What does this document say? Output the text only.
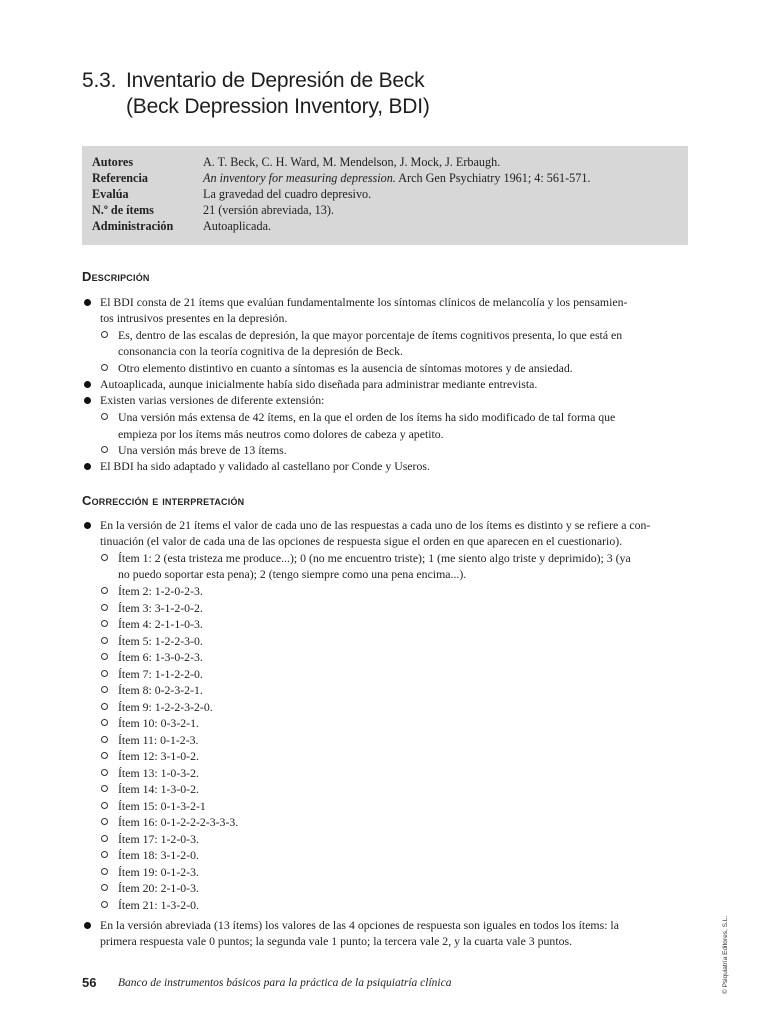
5.3. Inventario de Depresión de Beck
(Beck Depression Inventory, BDI)
Autores	A. T. Beck, C. H. Ward, M. Mendelson, J. Mock, J. Erbaugh.
Referencia	An inventory for measuring depression. Arch Gen Psychiatry 1961; 4: 561-571.
Evalúa	La gravedad del cuadro depresivo.
N.º de ítems	21 (versión abreviada, 13).
Administración Autoaplicada.
Descripción
El BDI consta de 21 ítems que evalúan fundamentalmente los síntomas clínicos de melancolía y los pensamien-
tos intrusivos presentes en la depresión.
Es, dentro de las escalas de depresión, la que mayor porcentaje de ítems cognitivos presenta, lo que está en
consonancia con la teoría cognitiva de la depresión de Beck.
Otro elemento distintivo en cuanto a síntomas es la ausencia de síntomas motores y de ansiedad.
Autoaplicada, aunque inicialmente había sido diseñada para administrar mediante entrevista.
Existen varias versiones de diferente extensión:
Una versión más extensa de 42 ítems, en la que el orden de los ítems ha sido modificado de tal forma que
empieza por los ítems más neutros como dolores de cabeza y apetito.
Una versión más breve de 13 ítems.
El BDI ha sido adaptado y validado al castellano por Conde y Useros.
Corrección e interpretación
En la versión de 21 ítems el valor de cada uno de las respuestas a cada uno de los ítems es distinto y se refiere a con-
tinuación (el valor de cada una de las opciones de respuesta sigue el orden en que aparecen en el cuestionario).
Ítem 1: 2 (esta tristeza me produce...); 0 (no me encuentro triste); 1 (me siento algo triste y deprimido); 3 (ya
no puedo soportar esta pena); 2 (tengo siempre como una pena encima...).
Ítem 2: 1-2-0-2-3.
Ítem 3: 3-1-2-0-2.
Ítem 4: 2-1-1-0-3.
Ítem 5: 1-2-2-3-0.
Ítem 6: 1-3-0-2-3.
Ítem 7: 1-1-2-2-0.
Ítem 8: 0-2-3-2-1.
Ítem 9: 1-2-2-3-2-0.
Ítem 10: 0-3-2-1.
Ítem 11: 0-1-2-3.
Ítem 12: 3-1-0-2.
Ítem 13: 1-0-3-2.
Ítem 14: 1-3-0-2.
Ítem 15: 0-1-3-2-1
Ítem 16: 0-1-2-2-2-3-3-3.
Ítem 17: 1-2-0-3.
Ítem 18: 3-1-2-0.
Ítem 19: 0-1-2-3.
Ítem 20: 2-1-0-3.
Ítem 21: 1-3-2-0.
En la versión abreviada (13 ítems) los valores de las 4 opciones de respuesta son iguales en todos los ítems: la
primera respuesta vale 0 puntos; la segunda vale 1 punto; la tercera vale 2, y la cuarta vale 3 puntos.
56 Banco de instrumentos básicos para la práctica de la psiquiatría clínica	© Psiquiatría Editores, S.L.
